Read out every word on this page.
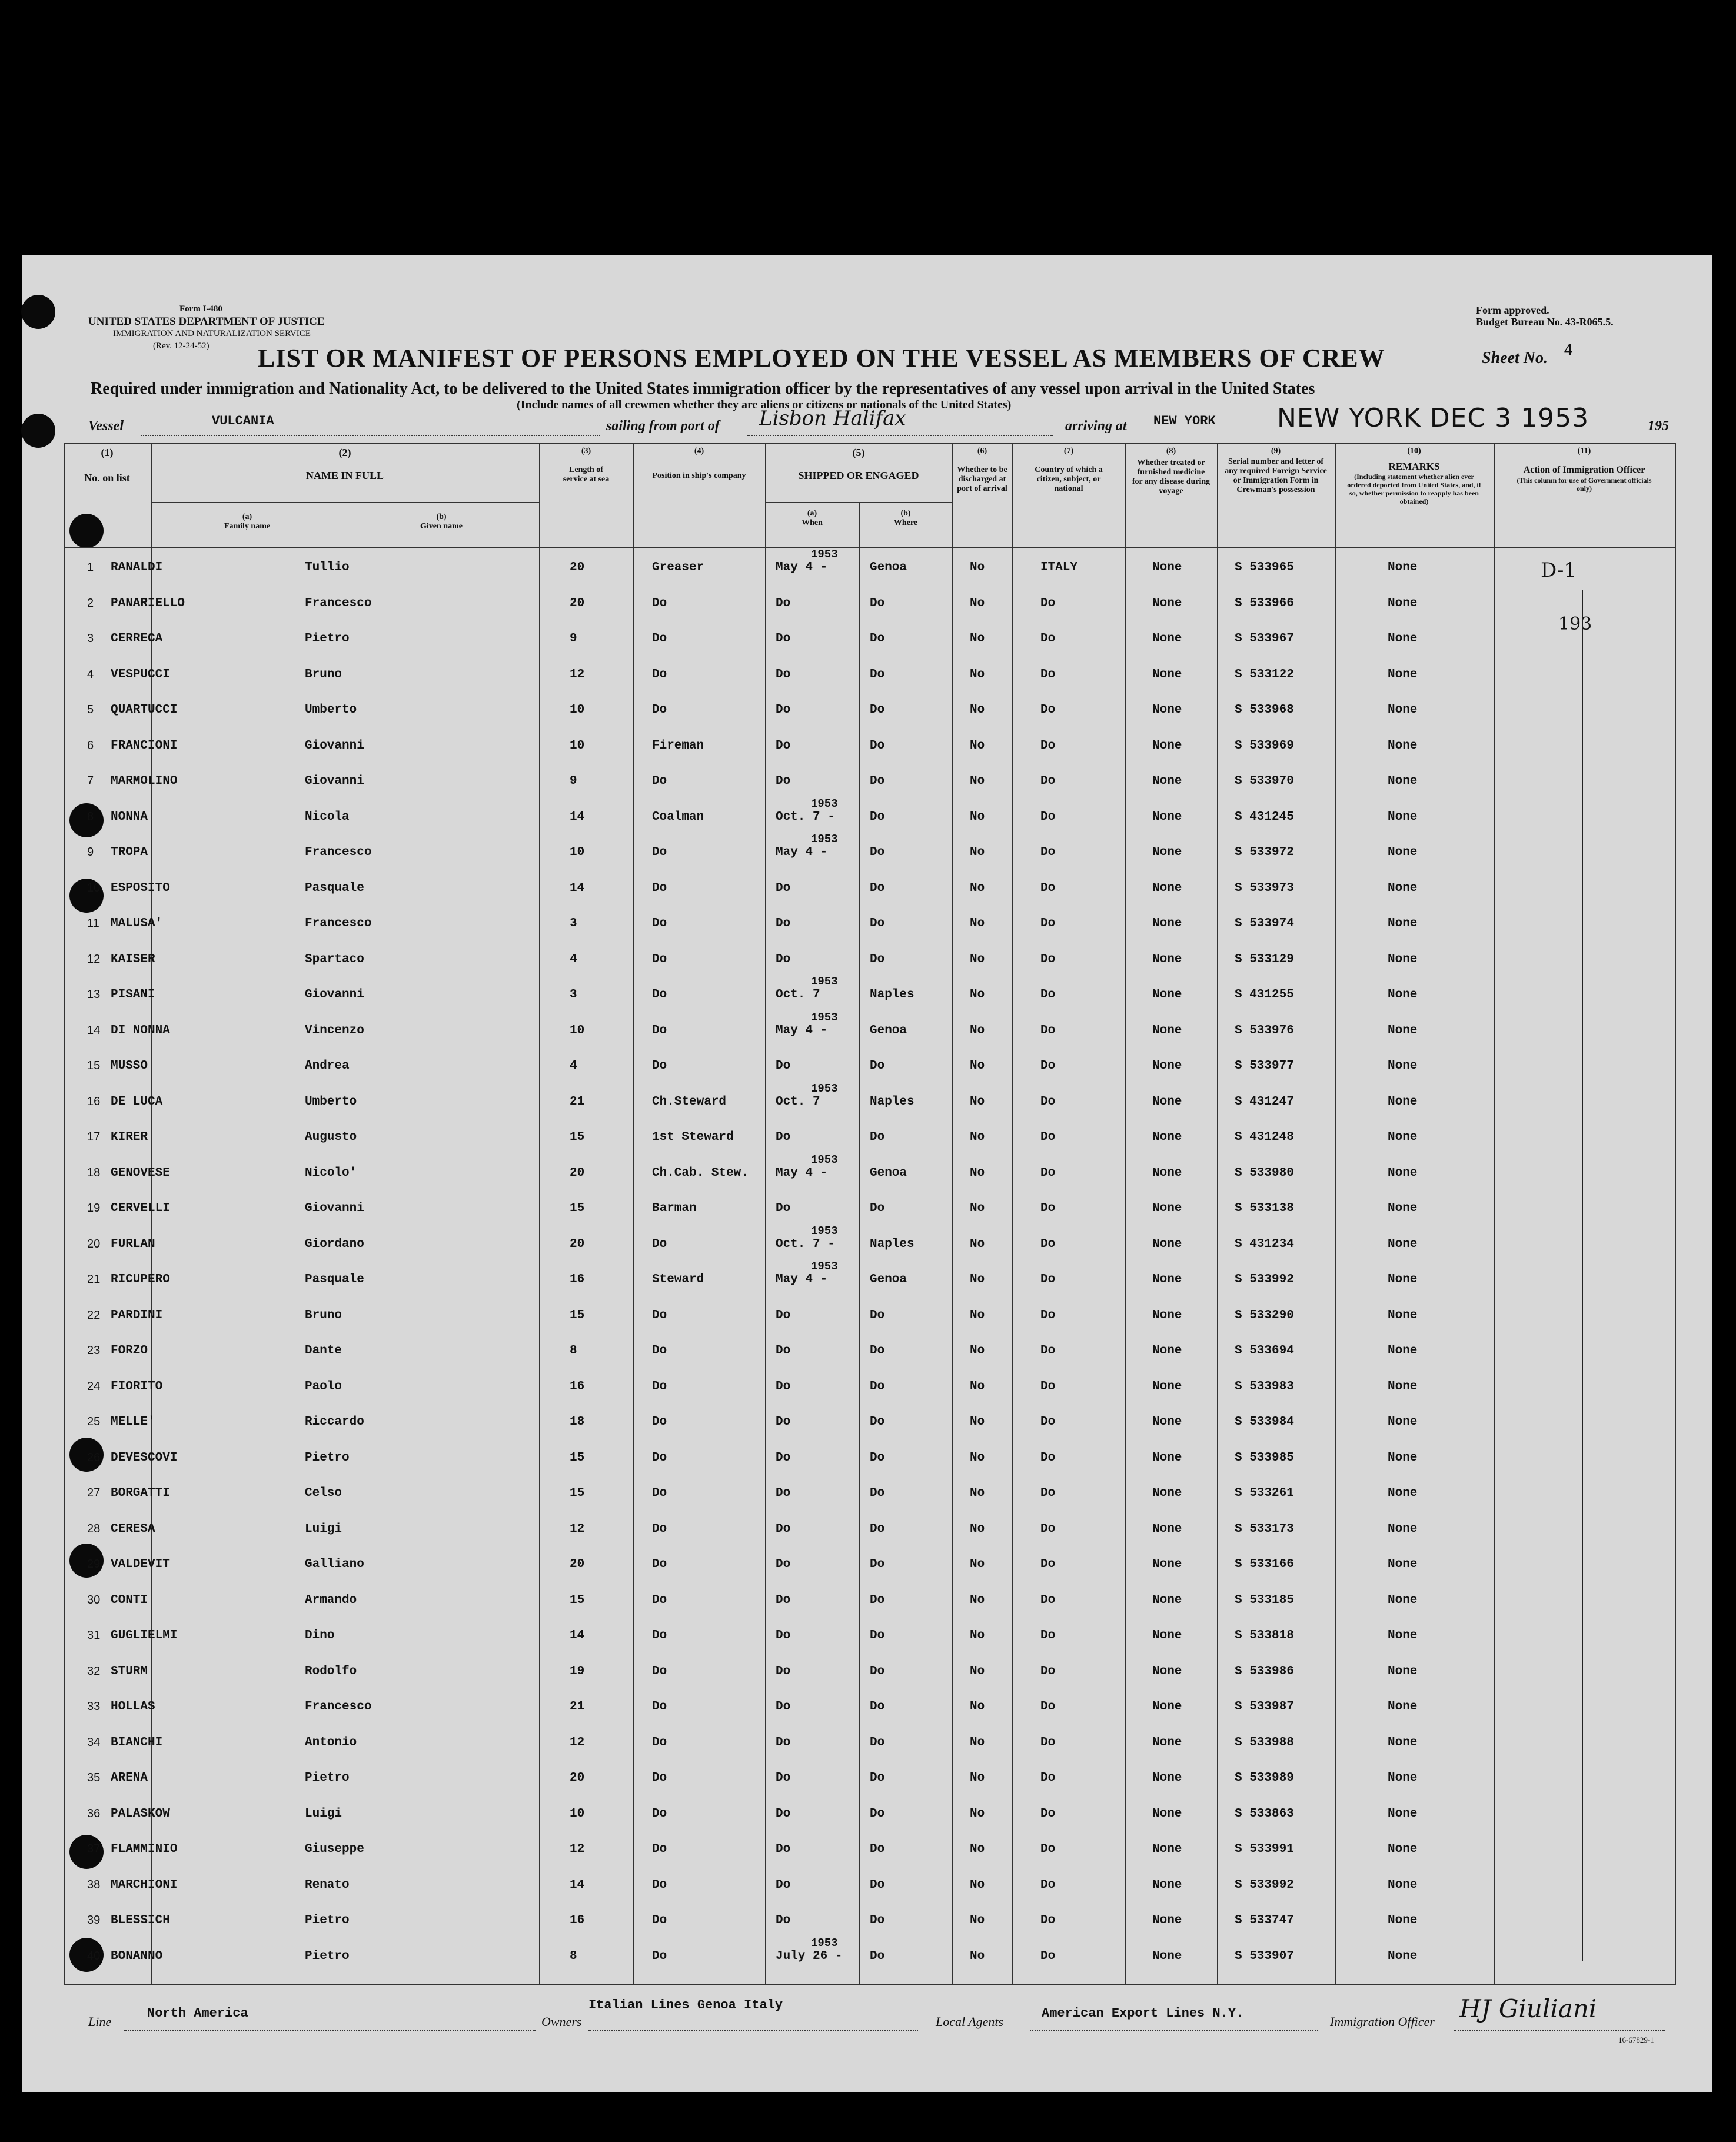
Form I-480
UNITED STATES DEPARTMENT OF JUSTICE
IMMIGRATION AND NATURALIZATION SERVICE
(Rev. 12-24-52)
Form approved.
Budget Bureau No. 43-R065.5.
LIST OR MANIFEST OF PERSONS EMPLOYED ON THE VESSEL AS MEMBERS OF CREW	Sheet No. 4
Required under immigration and Nationality Act, to be delivered to the United States immigration officer by the representatives of any vessel upon arrival in the United States
(Include names of all crewmen whether they are aliens or citizens or nationals of the United States)
Vessel	VULCANIA	sailing from port of Lisbon Halifax	arriving at NEW YORK NEW YORK DEC 3 1953	195
(1)
No. on list
(2)
NAME IN FULL
(a)
Family name
(b)
Given name
(3)
Length of service at sea
(4)
Position in ship's company
(5)
SHIPPED OR ENGAGED
(a)
When
(b)
Where
(6)
Whether to be discharged at port of arrival
(7)
Country of which a citizen, subject, or national
(8)
Whether treated or furnished medicine for any disease during voyage
(9)
Serial number and letter of any required Foreign Service or Immigration Form in Crewman's possession
(10)
REMARKS
(Including statement whether alien ever ordered deported from United States, and, if so, whether permission to reapply has been obtained)
(11)
Action of Immigration Officer
(This column for use of Government officials only)
1 RANALDI	Tullio	20	Greaser	May 4 -	Genoa	No	ITALY	None	S 533965	None
1953
2 PANARIELLO	Francesco	20	Do	Do	Do	No	Do	None	S 533966	None
3 CERRECA	Pietro	9	Do	Do	Do	No	Do	None	S 533967	None
4 VESPUCCI	Bruno	12	Do	Do	Do	No	Do	None	S 533122	None
5 QUARTUCCI	Umberto	10	Do	Do	Do	No	Do	None	S 533968	None
6 FRANCIONI	Giovanni	10	Fireman	Do	Do	No	Do	None	S 533969	None
7 MARMOLINO	Giovanni	9	Do	Do	Do	No	Do	None	S 533970	None
8 NONNA	Nicola	14	Coalman	Oct. 7 -	Do	No	Do	None	S 431245	None
1953
9 TROPA	Francesco	10	Do	May 4 -	Do	No	Do	None	S 533972	None
1953
10 ESPOSITO	Pasquale	14	Do	Do	Do	No	Do	None	S 533973	None
11 MALUSA'	Francesco	3	Do	Do	Do	No	Do	None	S 533974	None
12 KAISER	Spartaco	4	Do	Do	Do	No	Do	None	S 533129	None
13 PISANI	Giovanni	3	Do	Oct. 7	Naples	No	Do	None	S 431255	None
1953
14 DI NONNA	Vincenzo	10	Do	May 4 -	Genoa	No	Do	None	S 533976	None
1953
15 MUSSO	Andrea	4	Do	Do	Do	No	Do	None	S 533977	None
16 DE LUCA	Umberto	21	Ch.Steward	Oct. 7	Naples	No	Do	None	S 431247	None
1953
17 KIRER	Augusto	15	1st Steward	Do	Do	No	Do	None	S 431248	None
18 GENOVESE	Nicolo'	20	Ch.Cab. Stew. May 4 -	Genoa	No	Do	None	S 533980	None
1953
19 CERVELLI	Giovanni	15	Barman	Do	Do	No	Do	None	S 533138	None
20 FURLAN	Giordano	20	Do	Oct. 7 -	Naples	No	Do	None	S 431234	None
1953
21 RICUPERO	Pasquale	16	Steward	May 4 -	Genoa	No	Do	None	S 533992	None
1953
22 PARDINI	Bruno	15	Do	Do	Do	No	Do	None	S 533290	None
23 FORZO	Dante	8	Do	Do	Do	No	Do	None	S 533694	None
24 FIORITO	Paolo	16	Do	Do	Do	No	Do	None	S 533983	None
25 MELLE'	Riccardo	18	Do	Do	Do	No	Do	None	S 533984	None
26 DEVESCOVI	Pietro	15	Do	Do	Do	No	Do	None	S 533985	None
27 BORGATTI	Celso	15	Do	Do	Do	No	Do	None	S 533261	None
28 CERESA	Luigi	12	Do	Do	Do	No	Do	None	S 533173	None
29 VALDEVIT	Galliano	20	Do	Do	Do	No	Do	None	S 533166	None
30 CONTI	Armando	15	Do	Do	Do	No	Do	None	S 533185	None
31 GUGLIELMI	Dino	14	Do	Do	Do	No	Do	None	S 533818	None
32 STURM	Rodolfo	19	Do	Do	Do	No	Do	None	S 533986	None
33 HOLLAS	Francesco	21	Do	Do	Do	No	Do	None	S 533987	None
34 BIANCHI	Antonio	12	Do	Do	Do	No	Do	None	S 533988	None
35 ARENA	Pietro	20	Do	Do	Do	No	Do	None	S 533989	None
36 PALASKOW	Luigi	10	Do	Do	Do	No	Do	None	S 533863	None
37 FLAMMINIO	Giuseppe	12	Do	Do	Do	No	Do	None	S 533991	None
38 MARCHIONI	Renato	14	Do	Do	Do	No	Do	None	S 533992	None
39 BLESSICH	Pietro	16	Do	Do	Do	No	Do	None	S 533747	None
40 BONANNO	Pietro	8	Do	July 26 - Do	No	Do	None	S 533907	None
1953
D-1
193
Line
North America
Owners
Italian Lines Genoa Italy
Local Agents
American Export Lines N.Y.
Immigration Officer HJ Giuliani
16-67829-1
